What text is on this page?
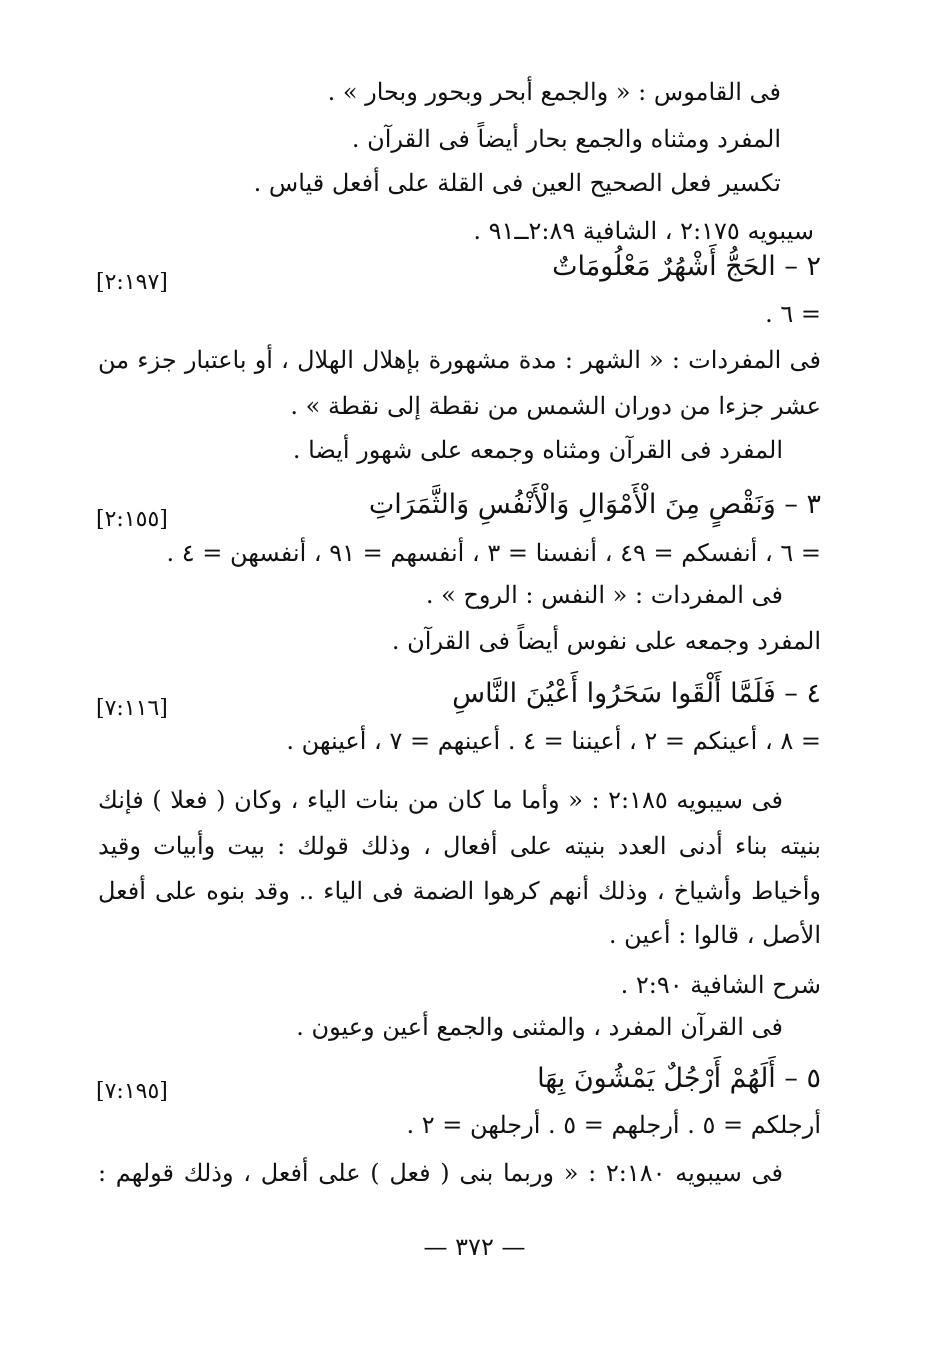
فى القاموس : « والجمع أبحر وبحور وبحار » .
المفرد ومثناه والجمع بحار أيضاً فى القرآن .
تكسير فعل الصحيح العين فى القلة على أفعل قياس .
سيبويه ٢:١٧٥ ، الشافية ٢:٨٩ــ٩١ .
٢ – الحَجُّ أَشْهُرٌ مَعْلُومَاتٌ
[٢:١٩٧]
= ٦ .
فى المفردات : « الشهر : مدة مشهورة بإهلال الهلال ، أو باعتبار جزء من
عشر جزءا من دوران الشمس من نقطة إلى نقطة » .
المفرد فى القرآن ومثناه وجمعه على شهور أيضا .
٣ – وَنَقْصٍ مِنَ الْأَمْوَالِ وَالْأَنْفُسِ وَالثَّمَرَاتِ
[٢:١٥٥]
= ٦ ، أنفسكم = ٤٩ ، أنفسنا = ٣ ، أنفسهم = ٩١ ، أنفسهن = ٤ .
فى المفردات : « النفس : الروح » .
المفرد وجمعه على نفوس أيضاً فى القرآن .
٤ – فَلَمَّا أَلْقَوا سَحَرُوا أَعْيُنَ النَّاسِ
[٧:١١٦]
= ٨ ، أعينكم = ٢ ، أعيننا = ٤ . أعينهم = ٧ ، أعينهن .
فى سيبويه ٢:١٨٥ : « وأما ما كان من بنات الياء ، وكان ( فعلا ) فإنك
بنيته بناء أدنى العدد بنيته على أفعال ، وذلك قولك : بيت وأبيات وقيد
وأخياط وأشياخ ، وذلك أنهم كرهوا الضمة فى الياء .. وقد بنوه على أفعل
الأصل ، قالوا : أعين .
شرح الشافية ٢:٩٠ .
فى القرآن المفرد ، والمثنى والجمع أعين وعيون .
٥ – أَلَهُمْ أَرْجُلٌ يَمْشُونَ بِهَا
[٧:١٩٥]
أرجلكم = ٥ . أرجلهم = ٥ . أرجلهن = ٢ .
فى سيبويه ٢:١٨٠ : « وربما بنى ( فعل ) على أفعل ، وذلك قولهم :
— ٣٧٢ —
